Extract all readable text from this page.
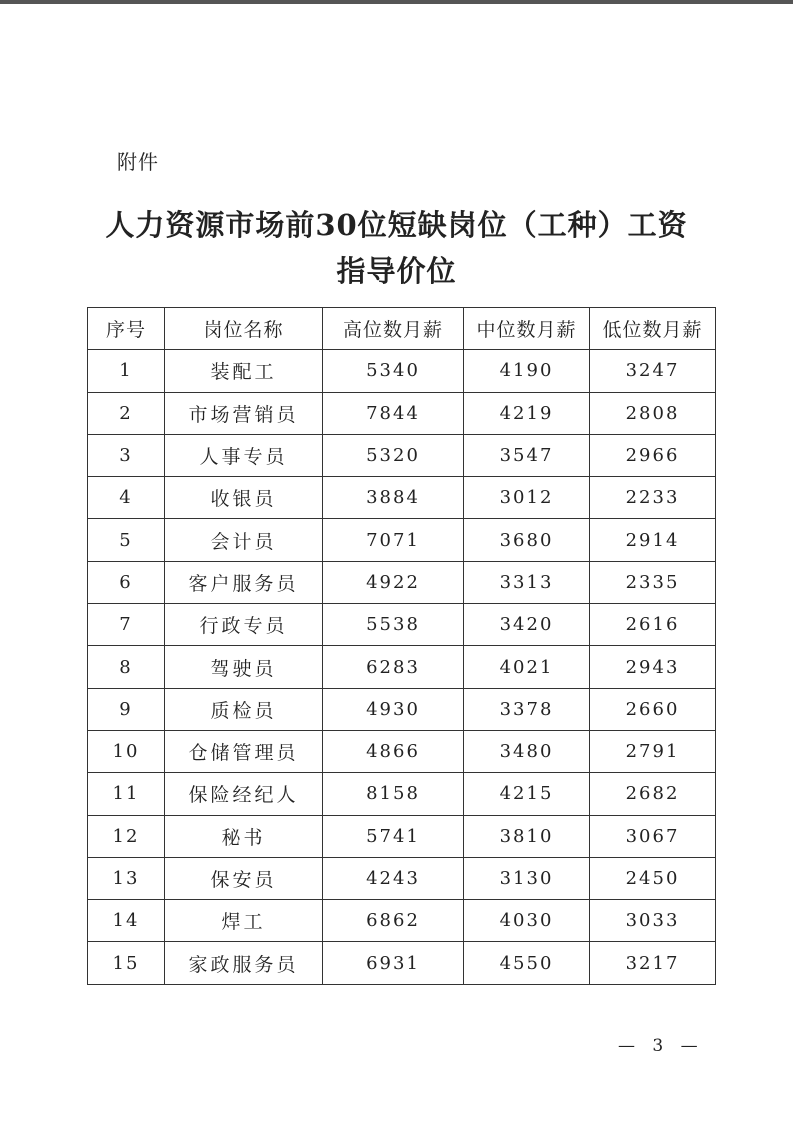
附件
人力资源市场前30位短缺岗位（工种）工资
指导价位
序号	岗位名称	高位数月薪	中位数月薪	低位数月薪
1	装配工	5340	4190	3247
2	市场营销员	7844	4219	2808
3	人事专员	5320	3547	2966
4	收银员	3884	3012	2233
5	会计员	7071	3680	2914
6	客户服务员	4922	3313	2335
7	行政专员	5538	3420	2616
8	驾驶员	6283	4021	2943
9	质检员	4930	3378	2660
10	仓储管理员	4866	3480	2791
11	保险经纪人	8158	4215	2682
12	秘书	5741	3810	3067
13	保安员	4243	3130	2450
14	焊工	6862	4030	3033
15	家政服务员	6931	4550	3217
— 3 —
